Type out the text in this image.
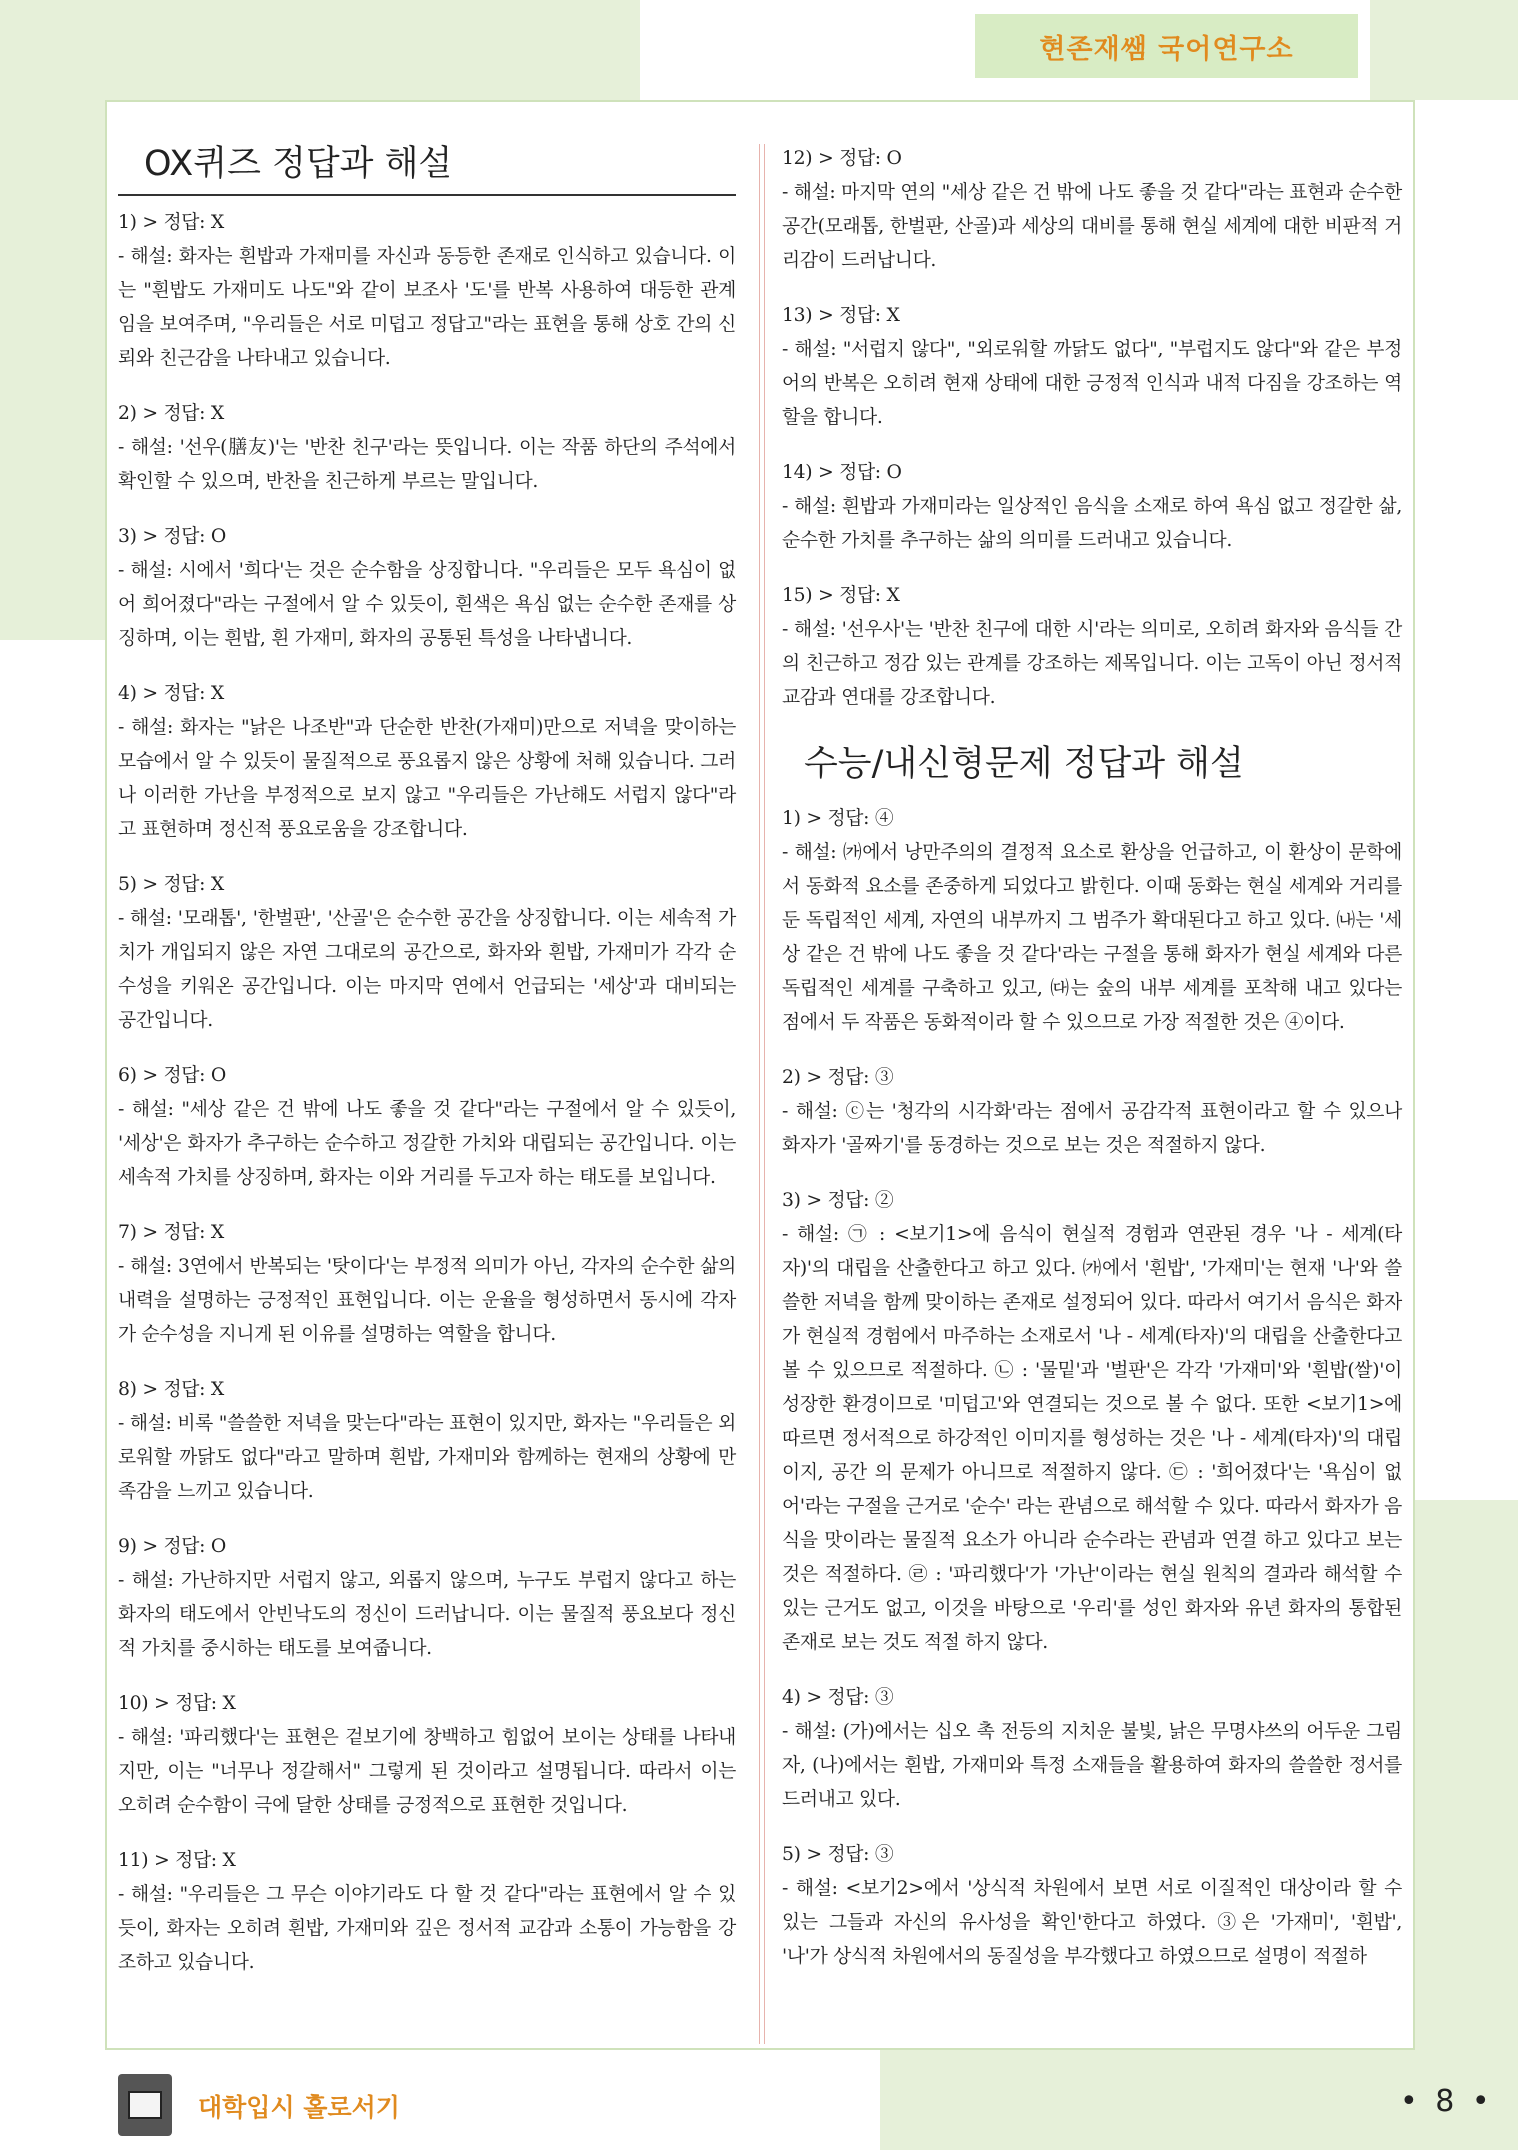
현존재쌤 국어연구소
OX퀴즈 정답과 해설

1) > 정답: X

- 해설: 화자는 흰밥과 가재미를 자신과 동등한 존재로 인식하고 있습니다. 이는 "흰밥도 가재미도 나도"와 같이 보조사 '도'를 반복 사용하여 대등한 관계임을 보여주며, "우리들은 서로 미덥고 정답고"라는 표현을 통해 상호 간의 신뢰와 친근감을 나타내고 있습니다.

2) > 정답: X

- 해설: '선우(膳友)'는 '반찬 친구'라는 뜻입니다. 이는 작품 하단의 주석에서 확인할 수 있으며, 반찬을 친근하게 부르는 말입니다.

3) > 정답: O

- 해설: 시에서 '희다'는 것은 순수함을 상징합니다. "우리들은 모두 욕심이 없어 희어졌다"라는 구절에서 알 수 있듯이, 흰색은 욕심 없는 순수한 존재를 상징하며, 이는 흰밥, 흰 가재미, 화자의 공통된 특성을 나타냅니다.

4) > 정답: X

- 해설: 화자는 "낡은 나조반"과 단순한 반찬(가재미)만으로 저녁을 맞이하는 모습에서 알 수 있듯이 물질적으로 풍요롭지 않은 상황에 처해 있습니다. 그러나 이러한 가난을 부정적으로 보지 않고 "우리들은 가난해도 서럽지 않다"라고 표현하며 정신적 풍요로움을 강조합니다.

5) > 정답: X

- 해설: '모래톱', '한벌판', '산골'은 순수한 공간을 상징합니다. 이는 세속적 가치가 개입되지 않은 자연 그대로의 공간으로, 화자와 흰밥, 가재미가 각각 순수성을 키워온 공간입니다. 이는 마지막 연에서 언급되는 '세상'과 대비되는 공간입니다.

6) > 정답: O

- 해설: "세상 같은 건 밖에 나도 좋을 것 같다"라는 구절에서 알 수 있듯이, '세상'은 화자가 추구하는 순수하고 정갈한 가치와 대립되는 공간입니다. 이는 세속적 가치를 상징하며, 화자는 이와 거리를 두고자 하는 태도를 보입니다.

7) > 정답: X

- 해설: 3연에서 반복되는 '탓이다'는 부정적 의미가 아닌, 각자의 순수한 삶의 내력을 설명하는 긍정적인 표현입니다. 이는 운율을 형성하면서 동시에 각자가 순수성을 지니게 된 이유를 설명하는 역할을 합니다.

8) > 정답: X

- 해설: 비록 "쓸쓸한 저녁을 맞는다"라는 표현이 있지만, 화자는 "우리들은 외로워할 까닭도 없다"라고 말하며 흰밥, 가재미와 함께하는 현재의 상황에 만족감을 느끼고 있습니다.

9) > 정답: O

- 해설: 가난하지만 서럽지 않고, 외롭지 않으며, 누구도 부럽지 않다고 하는 화자의 태도에서 안빈낙도의 정신이 드러납니다. 이는 물질적 풍요보다 정신적 가치를 중시하는 태도를 보여줍니다.

10) > 정답: X

- 해설: '파리했다'는 표현은 겉보기에 창백하고 힘없어 보이는 상태를 나타내지만, 이는 "너무나 정갈해서" 그렇게 된 것이라고 설명됩니다. 따라서 이는 오히려 순수함이 극에 달한 상태를 긍정적으로 표현한 것입니다.

11) > 정답: X

- 해설: "우리들은 그 무슨 이야기라도 다 할 것 같다"라는 표현에서 알 수 있듯이, 화자는 오히려 흰밥, 가재미와 깊은 정서적 교감과 소통이 가능함을 강조하고 있습니다.

12) > 정답: O

- 해설: 마지막 연의 "세상 같은 건 밖에 나도 좋을 것 같다"라는 표현과 순수한 공간(모래톱, 한벌판, 산골)과 세상의 대비를 통해 현실 세계에 대한 비판적 거리감이 드러납니다.

13) > 정답: X

- 해설: "서럽지 않다", "외로워할 까닭도 없다", "부럽지도 않다"와 같은 부정어의 반복은 오히려 현재 상태에 대한 긍정적 인식과 내적 다짐을 강조하는 역할을 합니다.

14) > 정답: O

- 해설: 흰밥과 가재미라는 일상적인 음식을 소재로 하여 욕심 없고 정갈한 삶, 순수한 가치를 추구하는 삶의 의미를 드러내고 있습니다.

15) > 정답: X

- 해설: '선우사'는 '반찬 친구에 대한 시'라는 의미로, 오히려 화자와 음식들 간의 친근하고 정감 있는 관계를 강조하는 제목입니다. 이는 고독이 아닌 정서적 교감과 연대를 강조합니다.

수능/내신형문제 정답과 해설

1) > 정답: ④

- 해설: ㈎에서 낭만주의의 결정적 요소로 환상을 언급하고, 이 환상이 문학에서 동화적 요소를 존중하게 되었다고 밝힌다. 이때 동화는 현실 세계와 거리를 둔 독립적인 세계, 자연의 내부까지 그 범주가 확대된다고 하고 있다. ㈏는 '세상 같은 건 밖에 나도 좋을 것 같다'라는 구절을 통해 화자가 현실 세계와 다른 독립적인 세계를 구축하고 있고, ㈐는 숲의 내부 세계를 포착해 내고 있다는 점에서 두 작품은 동화적이라 할 수 있으므로 가장 적절한 것은 ④이다.

2) > 정답: ③

- 해설: ⓒ는 '청각의 시각화'라는 점에서 공감각적 표현이라고 할 수 있으나 화자가 '골짜기'를 동경하는 것으로 보는 것은 적절하지 않다.

3) > 정답: ②

- 해설: ㉠ : <보기1>에 음식이 현실적 경험과 연관된 경우 '나 - 세계(타자)'의 대립을 산출한다고 하고 있다. ㈎에서 '흰밥', '가재미'는 현재 '나'와 쓸쓸한 저녁을 함께 맞이하는 존재로 설정되어 있다. 따라서 여기서 음식은 화자가 현실적 경험에서 마주하는 소재로서 '나 - 세계(타자)'의 대립을 산출한다고 볼 수 있으므로 적절하다. ㉡ : '물밑'과 '벌판'은 각각 '가재미'와 '흰밥(쌀)'이 성장한 환경이므로 '미덥고'와 연결되는 것으로 볼 수 없다. 또한 <보기1>에 따르면 정서적으로 하강적인 이미지를 형성하는 것은 '나 - 세계(타자)'의 대립이지, 공간 의 문제가 아니므로 적절하지 않다. ㉢ : '희어졌다'는 '욕심이 없어'라는 구절을 근거로 '순수' 라는 관념으로 해석할 수 있다. 따라서 화자가 음식을 맛이라는 물질적 요소가 아니라 순수라는 관념과 연결 하고 있다고 보는 것은 적절하다. ㉣ : '파리했다'가 '가난'이라는 현실 원칙의 결과라 해석할 수 있는 근거도 없고, 이것을 바탕으로 '우리'를 성인 화자와 유년 화자의 통합된 존재로 보는 것도 적절 하지 않다.

4) > 정답: ③

- 해설: (가)에서는 십오 촉 전등의 지치운 불빛, 낡은 무명샤쓰의 어두운 그림자, (나)에서는 흰밥, 가재미와 특정 소재들을 활용하여 화자의 쓸쓸한 정서를 드러내고 있다.

5) > 정답: ③

- 해설: <보기2>에서 '상식적 차원에서 보면 서로 이질적인 대상이라 할 수 있는 그들과 자신의 유사성을 확인'한다고 하였다. ③은 '가재미', '흰밥', '나'가 상식적 차원에서의 동질성을 부각했다고 하였으므로 설명이 적절하

대학입시 홀로서기	• 8 •
